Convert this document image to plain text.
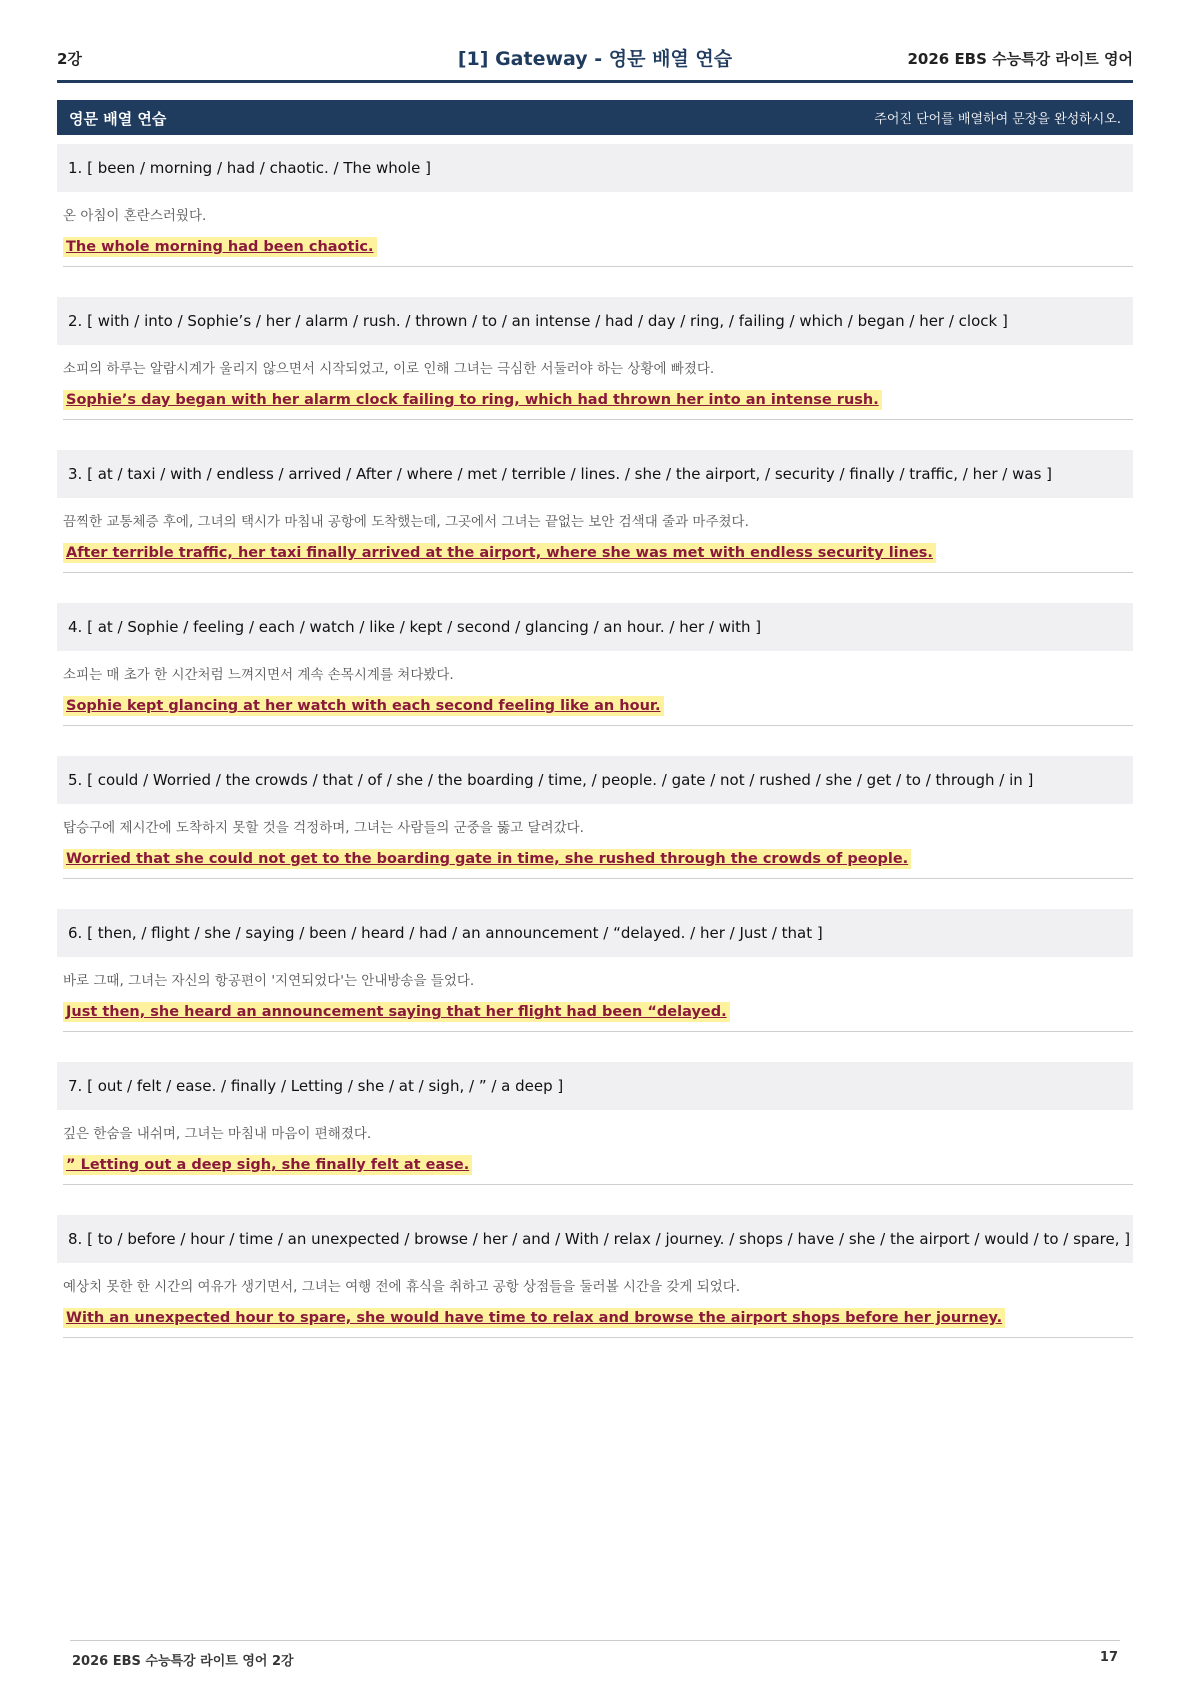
2강	[1] Gateway - 영문 배열 연습	2026 EBS 수능특강 라이트 영어
영문 배열 연습	주어진 단어를 배열하여 문장을 완성하시오.
1. [ been / morning / had / chaotic. / The whole ]
온 아침이 혼란스러웠다.
The whole morning had been chaotic.
2. [ with / into / Sophie’s / her / alarm / rush. / thrown / to / an intense / had / day / ring, / failing / which / began / her / clock ]
소피의 하루는 알람시계가 울리지 않으면서 시작되었고, 이로 인해 그녀는 극심한 서둘러야 하는 상황에 빠졌다.
Sophie’s day began with her alarm clock failing to ring, which had thrown her into an intense rush.
3. [ at / taxi / with / endless / arrived / After / where / met / terrible / lines. / she / the airport, / security / finally / traffic, / her / was ]
끔찍한 교통체증 후에, 그녀의 택시가 마침내 공항에 도착했는데, 그곳에서 그녀는 끝없는 보안 검색대 줄과 마주쳤다.
After terrible traffic, her taxi finally arrived at the airport, where she was met with endless security lines.
4. [ at / Sophie / feeling / each / watch / like / kept / second / glancing / an hour. / her / with ]
소피는 매 초가 한 시간처럼 느껴지면서 계속 손목시계를 쳐다봤다.
Sophie kept glancing at her watch with each second feeling like an hour.
5. [ could / Worried / the crowds / that / of / she / the boarding / time, / people. / gate / not / rushed / she / get / to / through / in ]
탑승구에 제시간에 도착하지 못할 것을 걱정하며, 그녀는 사람들의 군중을 뚫고 달려갔다.
Worried that she could not get to the boarding gate in time, she rushed through the crowds of people.
6. [ then, / flight / she / saying / been / heard / had / an announcement / “delayed. / her / Just / that ]
바로 그때, 그녀는 자신의 항공편이 '지연되었다'는 안내방송을 들었다.
Just then, she heard an announcement saying that her flight had been “delayed.
7. [ out / felt / ease. / finally / Letting / she / at / sigh, / ” / a deep ]
깊은 한숨을 내쉬며, 그녀는 마침내 마음이 편해졌다.
” Letting out a deep sigh, she finally felt at ease.
8. [ to / before / hour / time / an unexpected / browse / her / and / With / relax / journey. / shops / have / she / the airport / would / to / spare, ]
예상치 못한 한 시간의 여유가 생기면서, 그녀는 여행 전에 휴식을 취하고 공항 상점들을 둘러볼 시간을 갖게 되었다.
With an unexpected hour to spare, she would have time to relax and browse the airport shops before her journey.
2026 EBS 수능특강 라이트 영어 2강	17
